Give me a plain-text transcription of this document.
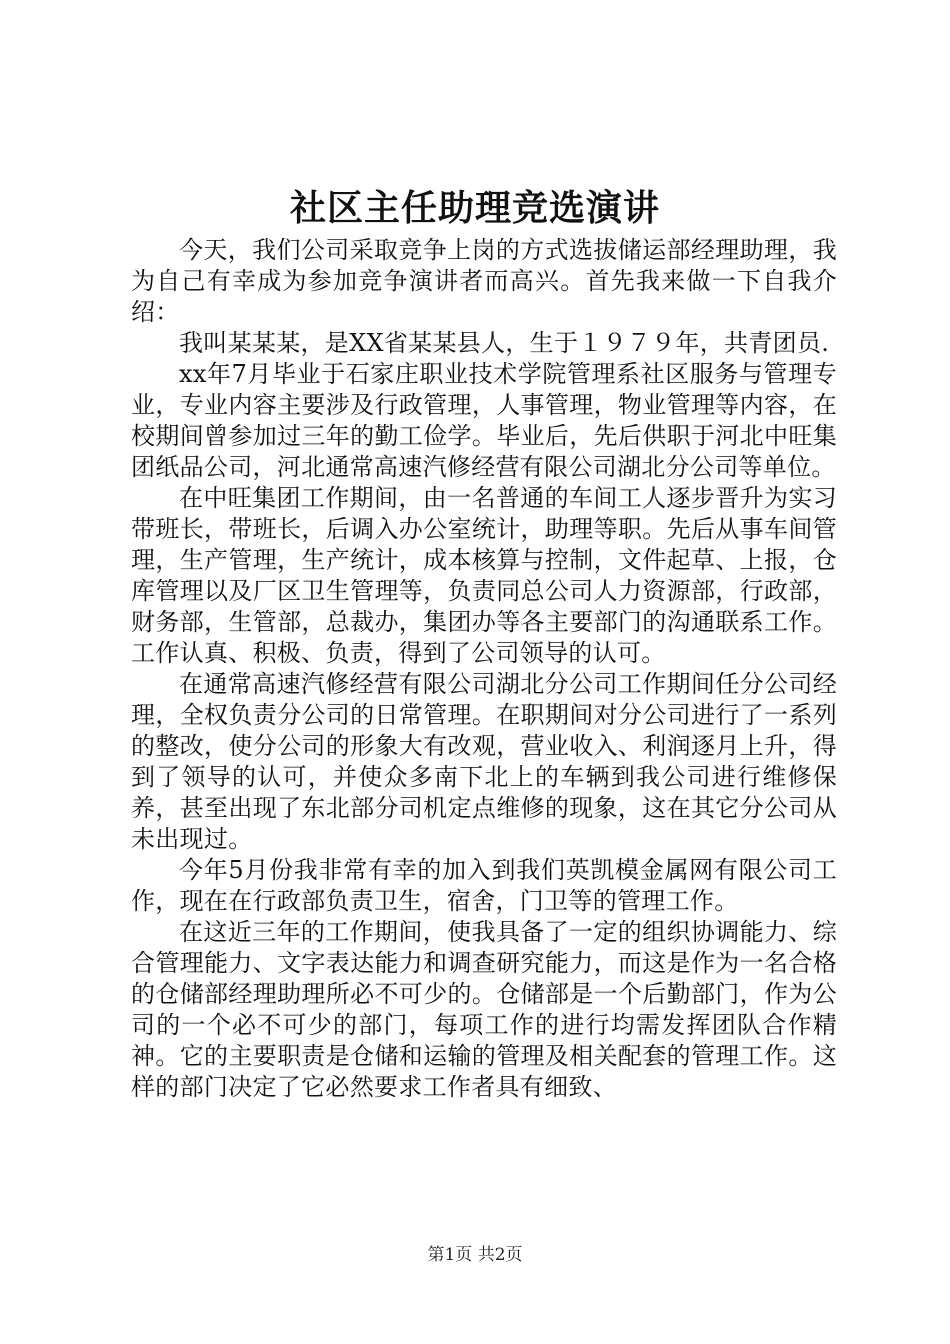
社区主任助理竞选演讲

今天，我们公司采取竞争上岗的方式选拔储运部经理助理，我为自己有幸成为参加竞争演讲者而高兴。首先我来做一下自我介绍：

我叫某某某，是XX省某某县人，生于１９７９年，共青团员.

xx年7月毕业于石家庄职业技术学院管理系社区服务与管理专业，专业内容主要涉及行政管理，人事管理，物业管理等内容，在校期间曾参加过三年的勤工俭学。毕业后，先后供职于河北中旺集团纸品公司，河北通常高速汽修经营有限公司湖北分公司等单位。

在中旺集团工作期间，由一名普通的车间工人逐步晋升为实习带班长，带班长，后调入办公室统计，助理等职。先后从事车间管理，生产管理，生产统计，成本核算与控制，文件起草、上报，仓库管理以及厂区卫生管理等，负责同总公司人力资源部，行政部，财务部，生管部，总裁办，集团办等各主要部门的沟通联系工作。工作认真、积极、负责，得到了公司领导的认可。

在通常高速汽修经营有限公司湖北分公司工作期间任分公司经理，全权负责分公司的日常管理。在职期间对分公司进行了一系列的整改，使分公司的形象大有改观，营业收入、利润逐月上升，得到了领导的认可，并使众多南下北上的车辆到我公司进行维修保养，甚至出现了东北部分司机定点维修的现象，这在其它分公司从未出现过。

今年5月份我非常有幸的加入到我们英凯模金属网有限公司工作，现在在行政部负责卫生，宿舍，门卫等的管理工作。

在这近三年的工作期间，使我具备了一定的组织协调能力、综合管理能力、文字表达能力和调查研究能力，而这是作为一名合格的仓储部经理助理所必不可少的。仓储部是一个后勤部门，作为公司的一个必不可少的部门，每项工作的进行均需发挥团队合作精神。它的主要职责是仓储和运输的管理及相关配套的管理工作。这样的部门决定了它必然要求工作者具有细致、

第1页 共2页
